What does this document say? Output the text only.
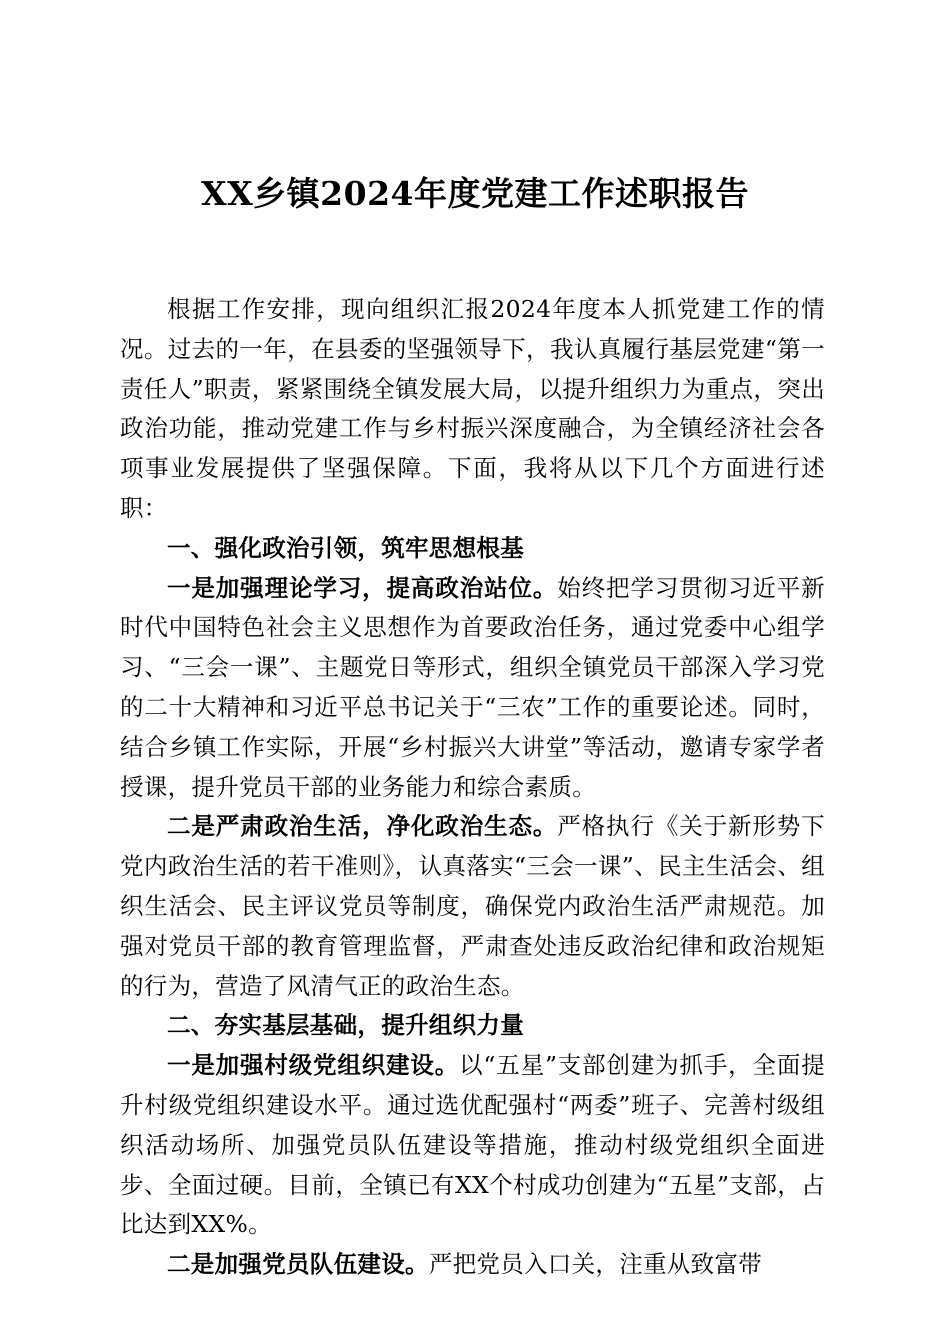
XX乡镇2024年度党建工作述职报告

根据工作安排，现向组织汇报2024年度本人抓党建工作的情况。过去的一年，在县委的坚强领导下，我认真履行基层党建“第一责任人”职责，紧紧围绕全镇发展大局，以提升组织力为重点，突出政治功能，推动党建工作与乡村振兴深度融合，为全镇经济社会各项事业发展提供了坚强保障。下面，我将从以下几个方面进行述职：

一、强化政治引领，筑牢思想根基

一是加强理论学习，提高政治站位。始终把学习贯彻习近平新时代中国特色社会主义思想作为首要政治任务，通过党委中心组学习、“三会一课”、主题党日等形式，组织全镇党员干部深入学习党的二十大精神和习近平总书记关于“三农”工作的重要论述。同时，结合乡镇工作实际，开展“乡村振兴大讲堂”等活动，邀请专家学者授课，提升党员干部的业务能力和综合素质。

二是严肃政治生活，净化政治生态。严格执行《关于新形势下党内政治生活的若干准则》，认真落实“三会一课”、民主生活会、组织生活会、民主评议党员等制度，确保党内政治生活严肃规范。加强对党员干部的教育管理监督，严肃查处违反政治纪律和政治规矩的行为，营造了风清气正的政治生态。

二、夯实基层基础，提升组织力量

一是加强村级党组织建设。以“五星”支部创建为抓手，全面提升村级党组织建设水平。通过选优配强村“两委”班子、完善村级组织活动场所、加强党员队伍建设等措施，推动村级党组织全面进步、全面过硬。目前，全镇已有XX个村成功创建为“五星”支部，占比达到XX%。

二是加强党员队伍建设。严把党员入口关，注重从致富带
